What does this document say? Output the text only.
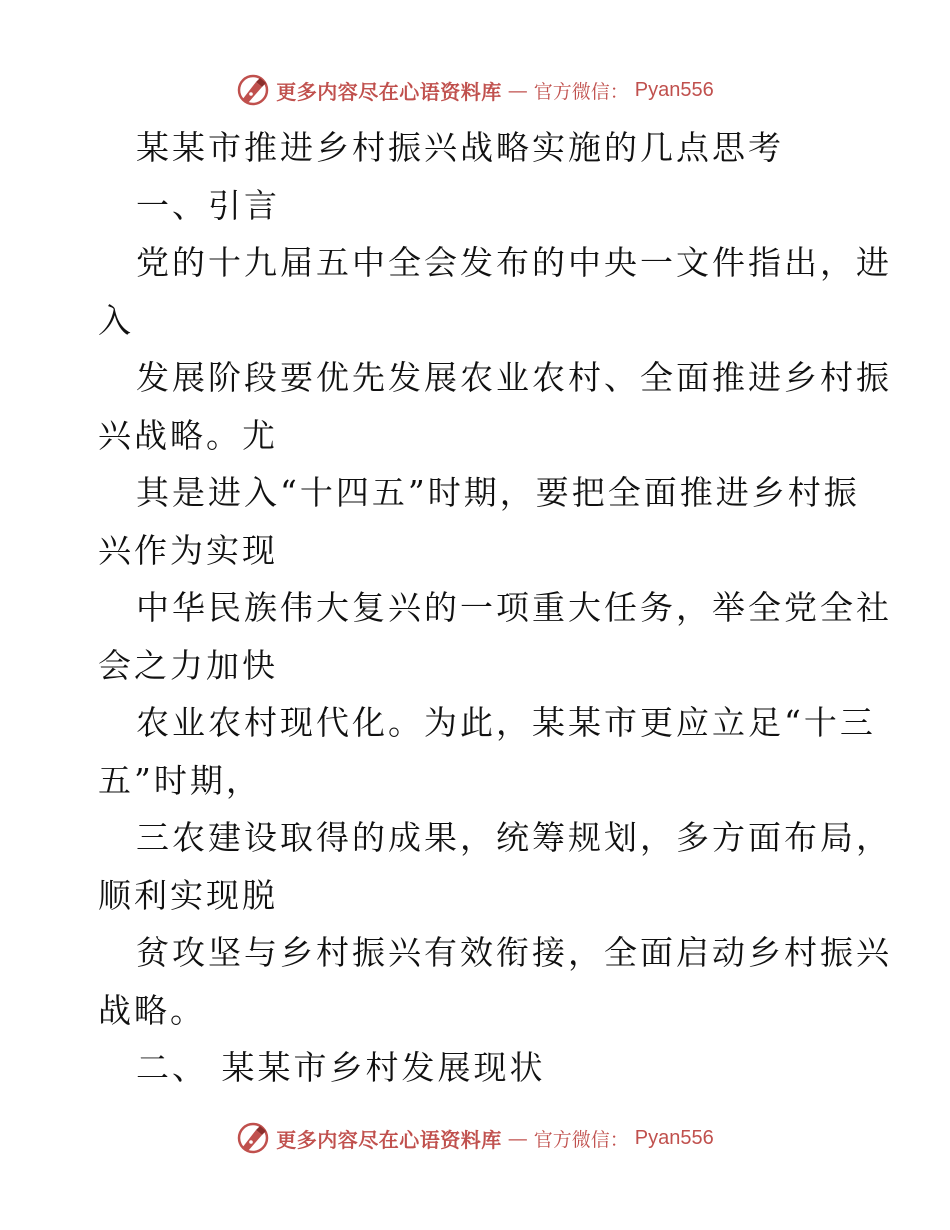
更多内容尽在心语资料库 — 官方微信： Pyan556
某某市推进乡村振兴战略实施的几点思考
一、引言
党的十九届五中全会发布的中央一文件指出，进
入
发展阶段要优先发展农业农村、全面推进乡村振
兴战略。尤
其是进入“十四五”时期，要把全面推进乡村振
兴作为实现
中华民族伟大复兴的一项重大任务，举全党全社
会之力加快
农业农村现代化。为此，某某市更应立足“十三
五”时期，
三农建设取得的成果，统筹规划，多方面布局，
顺利实现脱
贫攻坚与乡村振兴有效衔接，全面启动乡村振兴
战略。
二、 某某市乡村发展现状
更多内容尽在心语资料库 — 官方微信： Pyan556
